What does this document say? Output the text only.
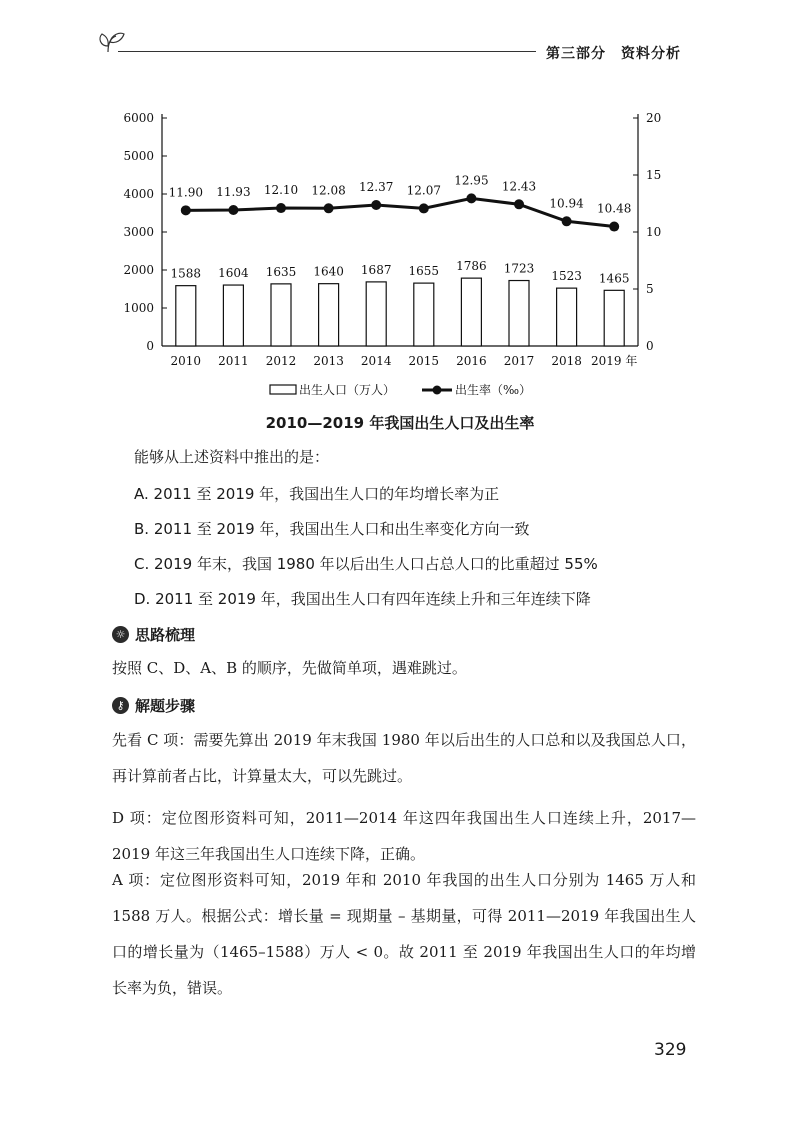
第三部分　资料分析
0
1000
2000
3000
4000
5000
6000
0
5
10
15
20
1588
2010
1604
2011
1635
2012
1640
2013
1687
2014
1655
2015
1786
2016
1723
2017
1523
2018
1465
2019 年
11.90 11.93 12.10 12.08 12.37 12.07
12.95 12.43
10.94 10.48
出生人口（万人）	出生率（‰）
2010—2019 年我国出生人口及出生率
能够从上述资料中推出的是：
A. 2011 至 2019 年，我国出生人口的年均增长率为正
B. 2011 至 2019 年，我国出生人口和出生率变化方向一致
C. 2019 年末，我国 1980 年以后出生人口占总人口的比重超过 55%
D. 2011 至 2019 年，我国出生人口有四年连续上升和三年连续下降
☼ 思路梳理
按照 C、D、A、B 的顺序，先做简单项，遇难跳过。
⚷ 解题步骤
先看 C 项：需要先算出 2019 年末我国 1980 年以后出生的人口总和以及我国总人口，再计算前者占比，计算量太大，可以先跳过。
D 项：定位图形资料可知，2011—2014 年这四年我国出生人口连续上升，2017—2019 年这三年我国出生人口连续下降，正确。
A 项：定位图形资料可知，2019 年和 2010 年我国的出生人口分别为 1465 万人和 1588 万人。根据公式：增长量 = 现期量 – 基期量，可得 2011—2019 年我国出生人口的增长量为（1465–1588）万人 < 0。故 2011 至 2019 年我国出生人口的年均增长率为负，错误。
329
